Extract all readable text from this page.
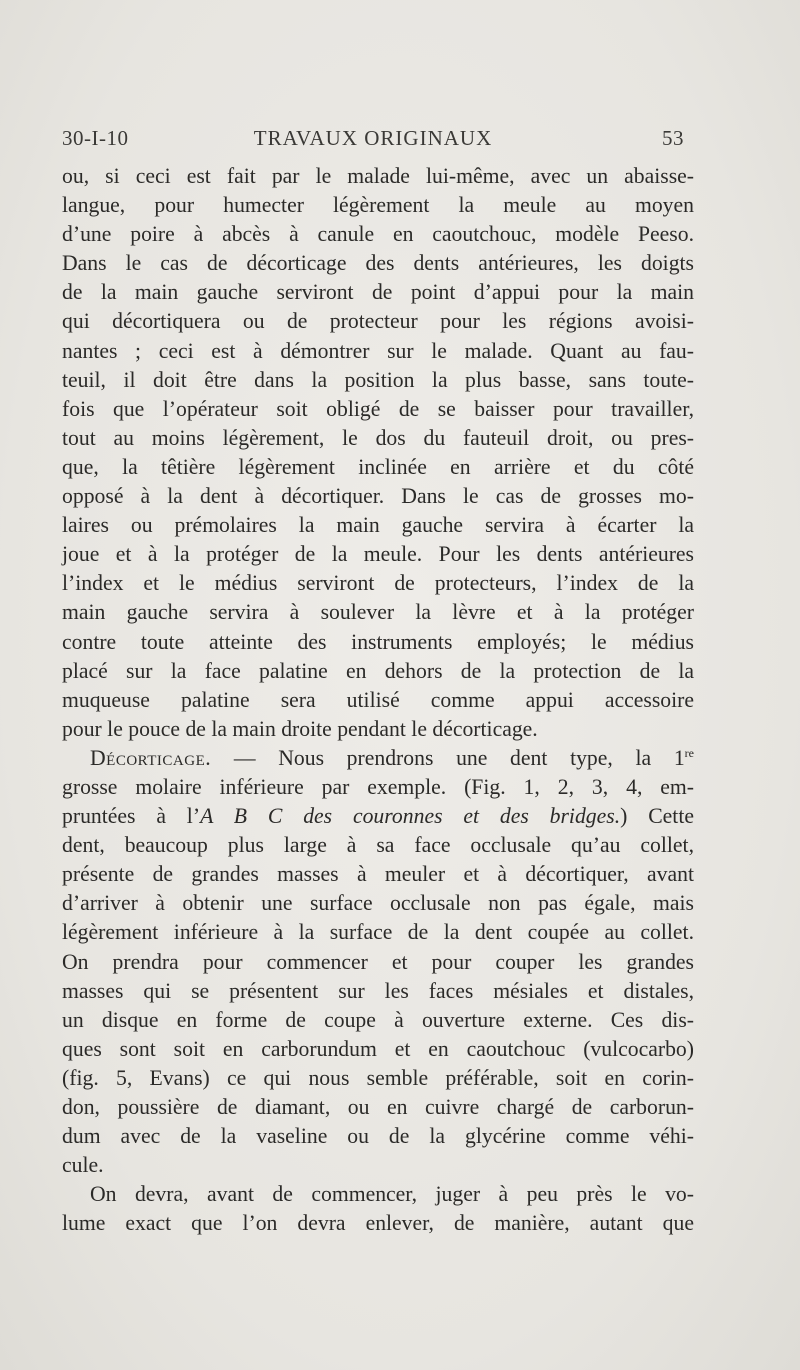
30-I-10	TRAVAUX ORIGINAUX	53
ou, si ceci est fait par le malade lui-même, avec un abaisse-
langue, pour humecter légèrement la meule au moyen
d’une poire à abcès à canule en caoutchouc, modèle Peeso.
Dans le cas de décorticage des dents antérieures, les doigts
de la main gauche serviront de point d’appui pour la main
qui décortiquera ou de protecteur pour les régions avoisi-
nantes ; ceci est à démontrer sur le malade. Quant au fau-
teuil, il doit être dans la position la plus basse, sans toute-
fois que l’opérateur soit obligé de se baisser pour travailler,
tout au moins légèrement, le dos du fauteuil droit, ou pres-
que, la têtière légèrement inclinée en arrière et du côté
opposé à la dent à décortiquer. Dans le cas de grosses mo-
laires ou prémolaires la main gauche servira à écarter la
joue et à la protéger de la meule. Pour les dents antérieures
l’index et le médius serviront de protecteurs, l’index de la
main gauche servira à soulever la lèvre et à la protéger
contre toute atteinte des instruments employés; le médius
placé sur la face palatine en dehors de la protection de la
muqueuse palatine sera utilisé comme appui accessoire
pour le pouce de la main droite pendant le décorticage.
Décorticage. — Nous prendrons une dent type, la 1re
grosse molaire inférieure par exemple. (Fig. 1, 2, 3, 4, em-
pruntées à l’A B C des couronnes et des bridges.) Cette
dent, beaucoup plus large à sa face occlusale qu’au collet,
présente de grandes masses à meuler et à décortiquer, avant
d’arriver à obtenir une surface occlusale non pas égale, mais
légèrement inférieure à la surface de la dent coupée au collet.
On prendra pour commencer et pour couper les grandes
masses qui se présentent sur les faces mésiales et distales,
un disque en forme de coupe à ouverture externe. Ces dis-
ques sont soit en carborundum et en caoutchouc (vulcocarbo)
(fig. 5, Evans) ce qui nous semble préférable, soit en corin-
don, poussière de diamant, ou en cuivre chargé de carborun-
dum avec de la vaseline ou de la glycérine comme véhi-
cule.
On devra, avant de commencer, juger à peu près le vo-
lume exact que l’on devra enlever, de manière, autant que
